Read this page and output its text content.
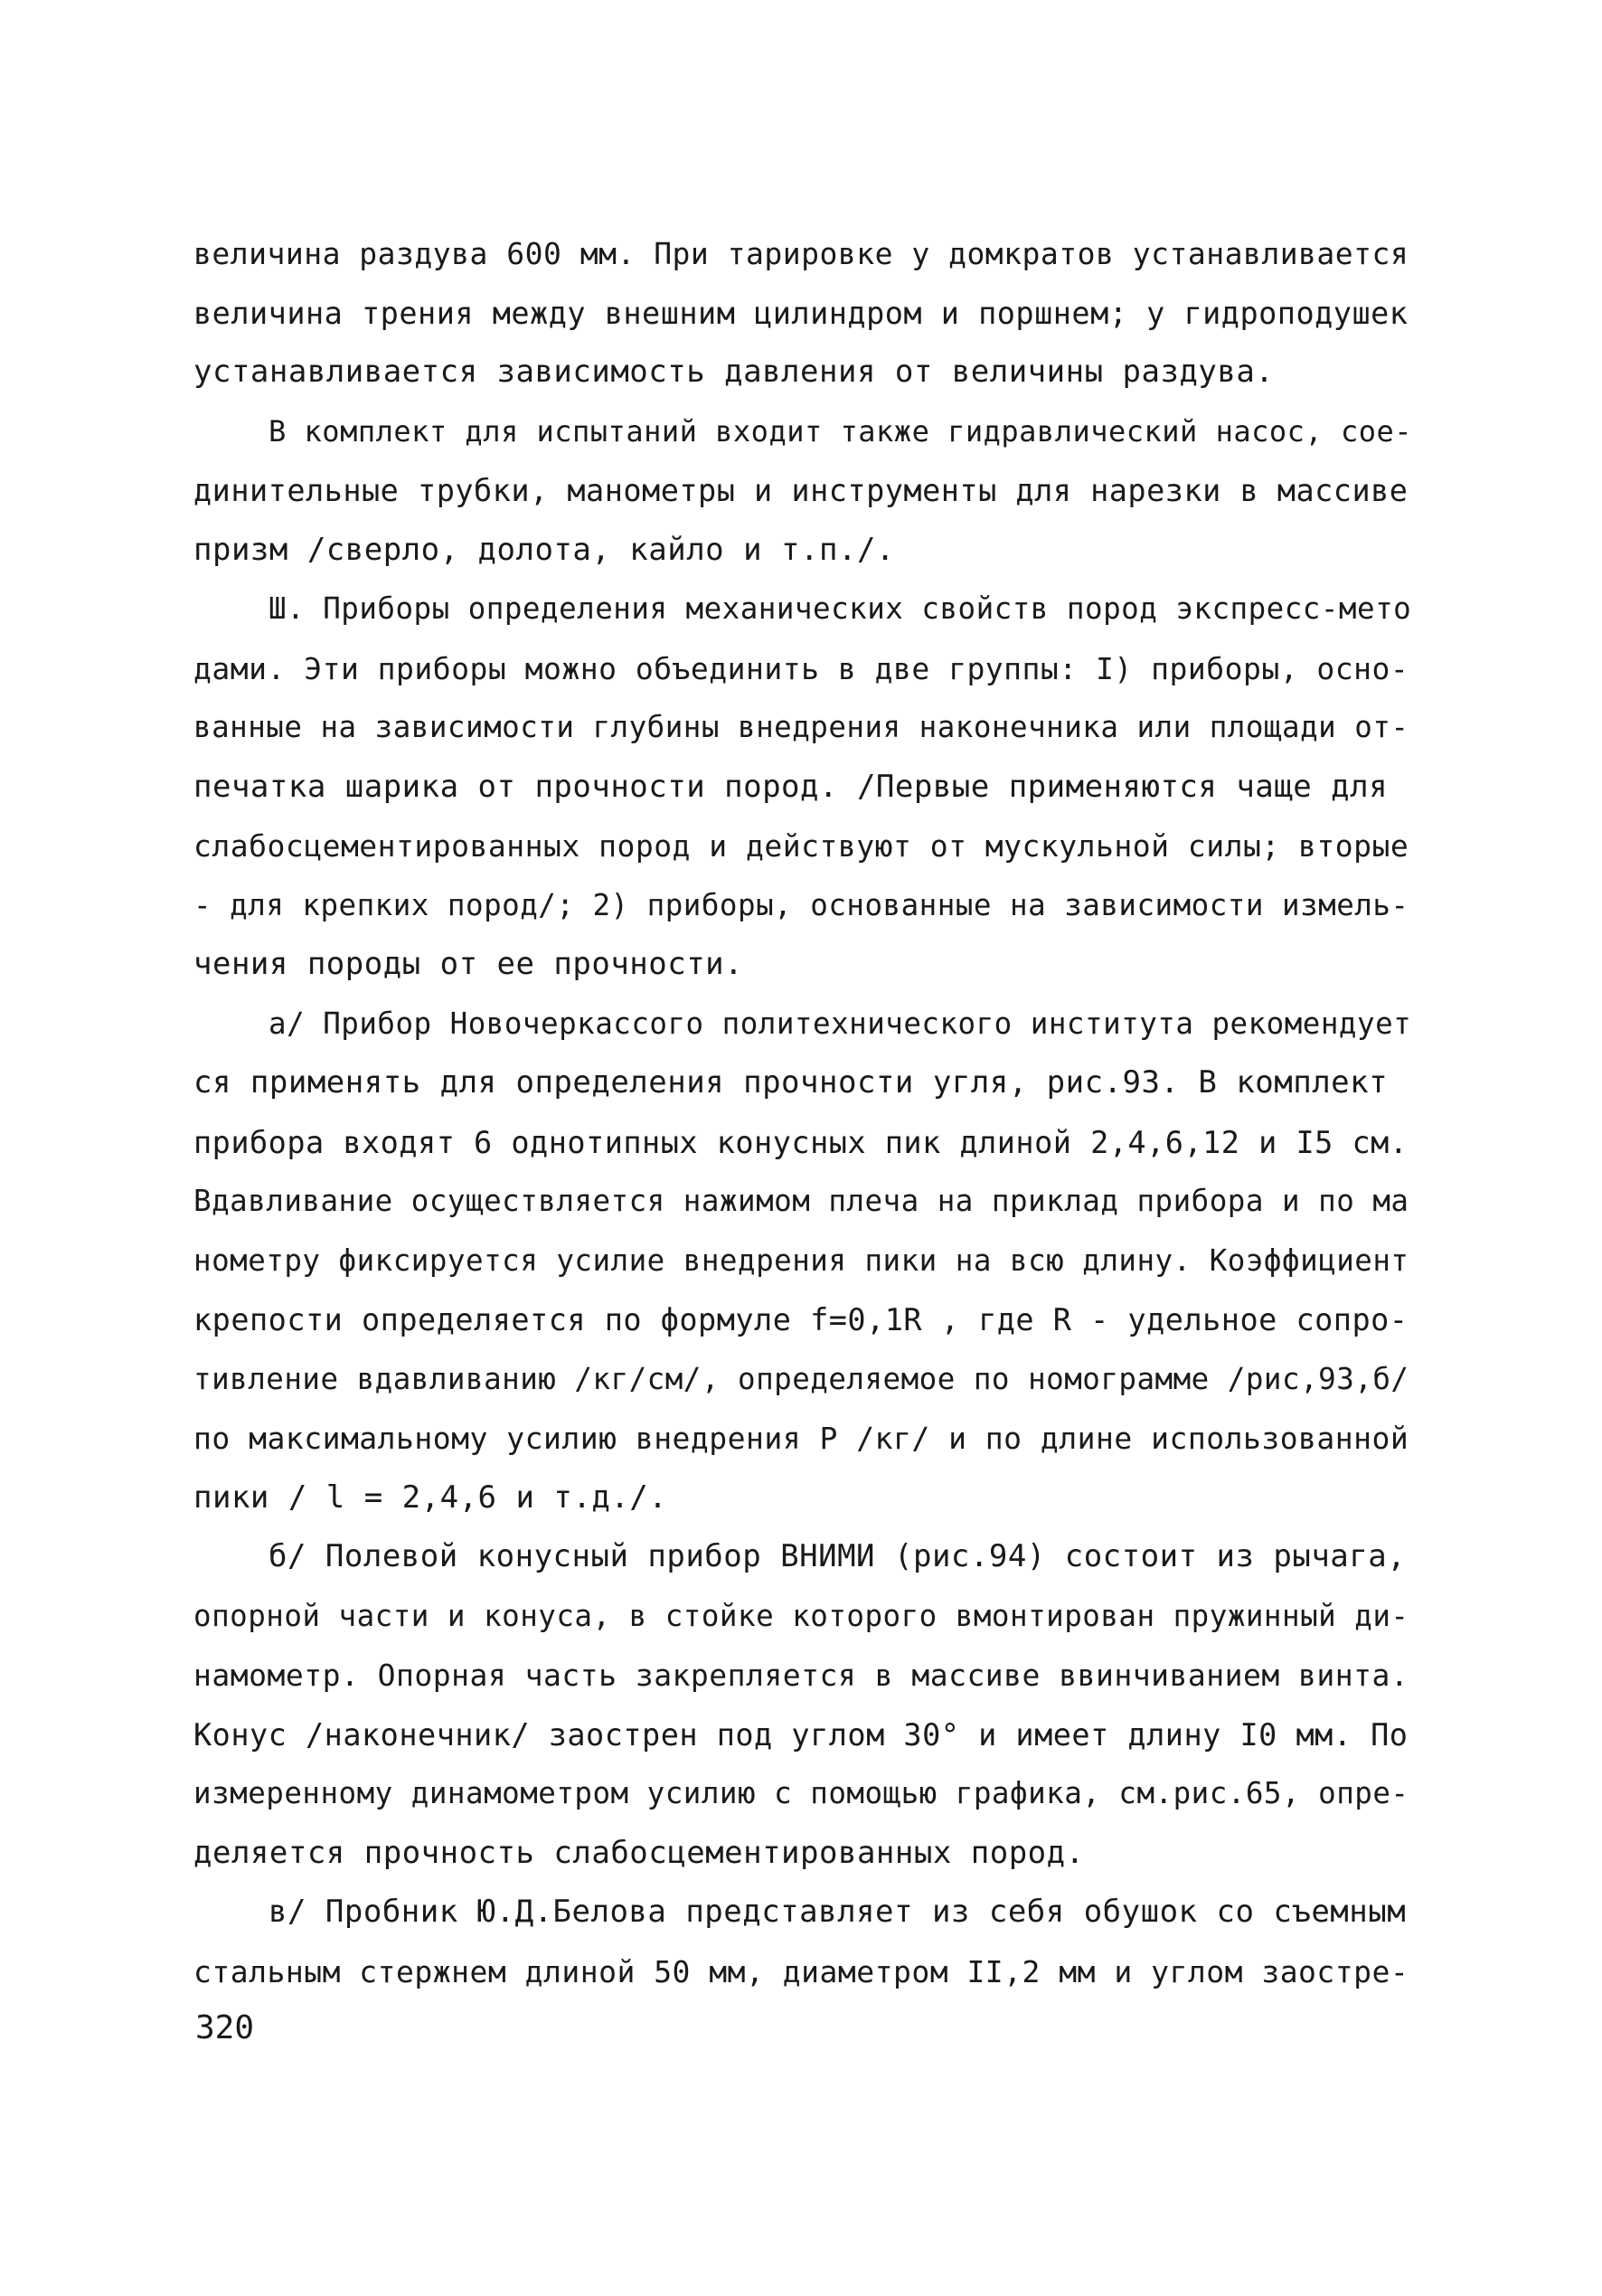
величина раздува 600 мм. При тарировке у домкратов устанавливается
величина трения между внешним цилиндром и поршнем; у гидроподушек
устанавливается зависимость давления от величины раздува.
В комплект для испытаний входит также гидравлический насос, сое-
динительные трубки, манометры и инструменты для нарезки в массиве
призм /сверло, долота, кайло и т.п./.
Ш. Приборы определения механических свойств пород экспресс-мето
дами. Эти приборы можно объединить в две группы: I) приборы, осно-
ванные на зависимости глубины внедрения наконечника или площади от-
печатка шарика от прочности пород. /Первые применяются чаще для
слабосцементированных пород и действуют от мускульной силы; вторые
- для крепких пород/; 2) приборы, основанные на зависимости измель-
чения породы от ее прочности.
а/ Прибор Новочеркассого политехнического института рекомендует
ся применять для определения прочности угля, рис.93. В комплект
прибора входят 6 однотипных конусных пик длиной 2,4,6,12 и I5 см.
Вдавливание осуществляется нажимом плеча на приклад прибора и по ма
нометру фиксируется усилие внедрения пики на всю длину. Коэффициент
крепости определяется по формуле f=0,1R , где R - удельное сопро-
тивление вдавливанию /кг/см/, определяемое по номограмме /рис,93,б/
по максимальному усилию внедрения P /кг/ и по длине использованной
пики / l = 2,4,6 и т.д./.
б/ Полевой конусный прибор ВНИМИ (рис.94) состоит из рычага,
опорной части и конуса, в стойке которого вмонтирован пружинный ди-
намометр. Опорная часть закрепляется в массиве ввинчиванием винта.
Конус /наконечник/ заострен под углом 30° и имеет длину I0 мм. По
измеренному динамометром усилию с помощью графика, см.рис.65, опре-
деляется прочность слабосцементированных пород.
в/ Пробник Ю.Д.Белова представляет из себя обушок со съемным
стальным стержнем длиной 50 мм, диаметром II,2 мм и углом заостре-
320
